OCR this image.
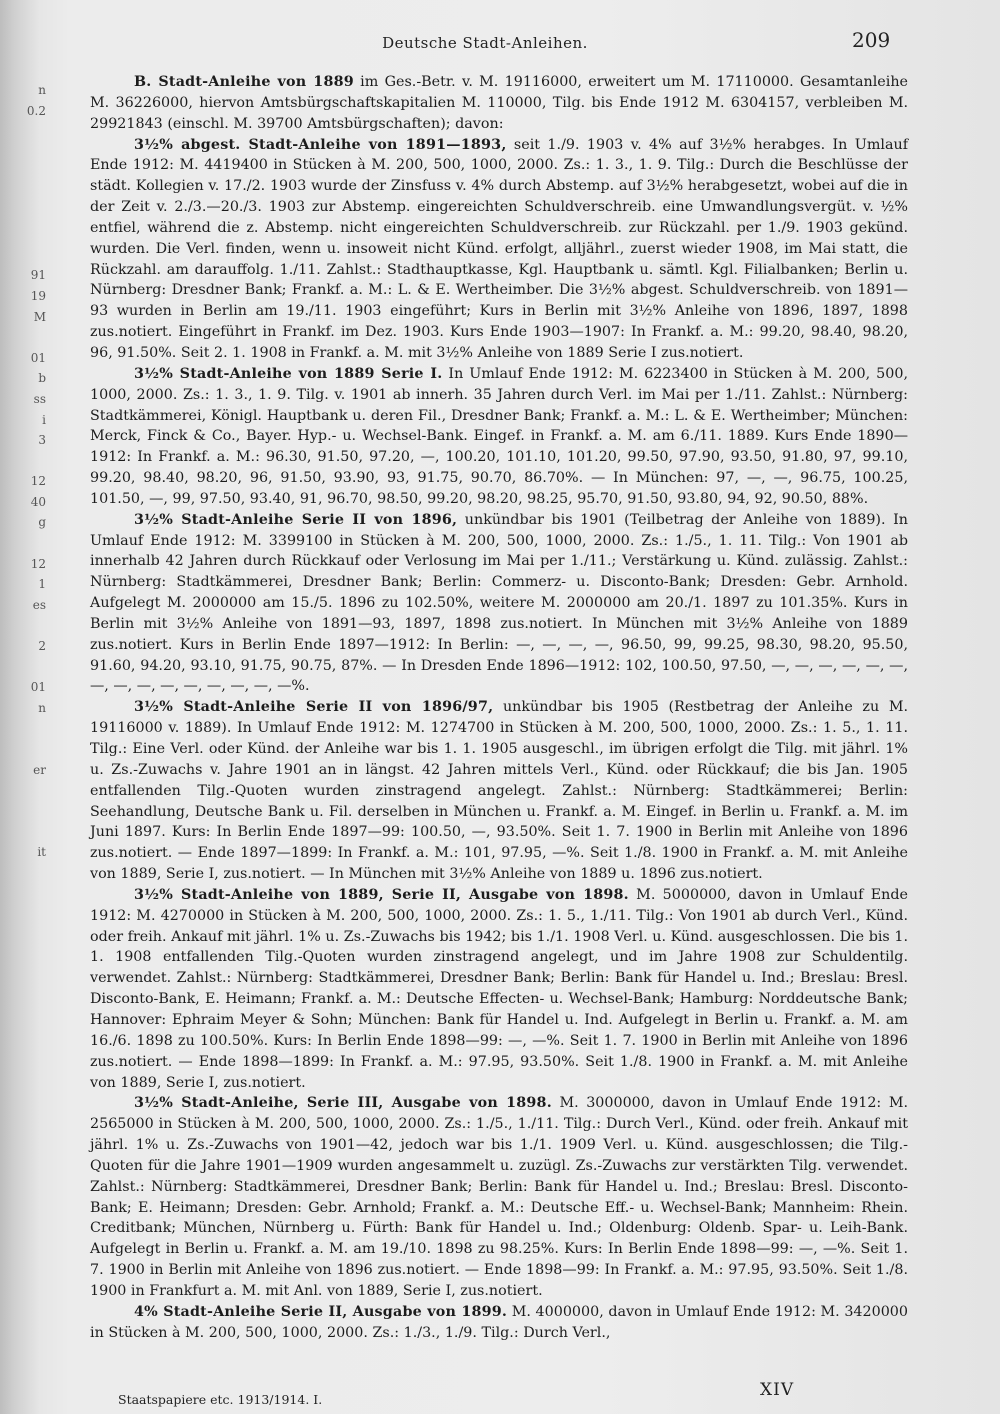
n
0.2
91
19
M
01
b
ss
i
3
12
40
g
12
1
es
2
01
n
er
it
Deutsche Stadt-Anleihen.	209

B. Stadt-Anleihe von 1889 im Ges.-Betr. v. M. 19116000, erweitert um M. 17110000. Gesamtanleihe M. 36226000, hiervon Amtsbürgschaftskapitalien M. 110000, Tilg. bis Ende 1912 M. 6304157, verbleiben M. 29921843 (einschl. M. 39700 Amtsbürgschaften); davon:

3½% abgest. Stadt-Anleihe von 1891—1893, seit 1./9. 1903 v. 4% auf 3½% herabges. In Umlauf Ende 1912: M. 4419400 in Stücken à M. 200, 500, 1000, 2000. Zs.: 1. 3., 1. 9. Tilg.: Durch die Beschlüsse der städt. Kollegien v. 17./2. 1903 wurde der Zinsfuss v. 4% durch Abstemp. auf 3½% herabgesetzt, wobei auf die in der Zeit v. 2./3.—20./3. 1903 zur Abstemp. eingereichten Schuldverschreib. eine Umwandlungsvergüt. v. ½% entfiel, während die z. Abstemp. nicht eingereichten Schuldverschreib. zur Rückzahl. per 1./9. 1903 gekünd. wurden. Die Verl. finden, wenn u. insoweit nicht Künd. erfolgt, alljährl., zuerst wieder 1908, im Mai statt, die Rückzahl. am darauffolg. 1./11. Zahlst.: Stadthauptkasse, Kgl. Hauptbank u. sämtl. Kgl. Filialbanken; Berlin u. Nürnberg: Dresdner Bank; Frankf. a. M.: L. & E. Wertheimber. Die 3½% abgest. Schuldverschreib. von 1891—93 wurden in Berlin am 19./11. 1903 eingeführt; Kurs in Berlin mit 3½% Anleihe von 1896, 1897, 1898 zus.notiert. Eingeführt in Frankf. im Dez. 1903. Kurs Ende 1903—1907: In Frankf. a. M.: 99.20, 98.40, 98.20, 96, 91.50%. Seit 2. 1. 1908 in Frankf. a. M. mit 3½% Anleihe von 1889 Serie I zus.notiert.

3½% Stadt-Anleihe von 1889 Serie I. In Umlauf Ende 1912: M. 6223400 in Stücken à M. 200, 500, 1000, 2000. Zs.: 1. 3., 1. 9. Tilg. v. 1901 ab innerh. 35 Jahren durch Verl. im Mai per 1./11. Zahlst.: Nürnberg: Stadtkämmerei, Königl. Hauptbank u. deren Fil., Dresdner Bank; Frankf. a. M.: L. & E. Wertheimber; München: Merck, Finck & Co., Bayer. Hyp.- u. Wechsel-Bank. Eingef. in Frankf. a. M. am 6./11. 1889. Kurs Ende 1890—1912: In Frankf. a. M.: 96.30, 91.50, 97.20, —, 100.20, 101.10, 101.20, 99.50, 97.90, 93.50, 91.80, 97, 99.10, 99.20, 98.40, 98.20, 96, 91.50, 93.90, 93, 91.75, 90.70, 86.70%. — In München: 97, —, —, 96.75, 100.25, 101.50, —, 99, 97.50, 93.40, 91, 96.70, 98.50, 99.20, 98.20, 98.25, 95.70, 91.50, 93.80, 94, 92, 90.50, 88%.

3½% Stadt-Anleihe Serie II von 1896, unkündbar bis 1901 (Teilbetrag der Anleihe von 1889). In Umlauf Ende 1912: M. 3399100 in Stücken à M. 200, 500, 1000, 2000. Zs.: 1./5., 1. 11. Tilg.: Von 1901 ab innerhalb 42 Jahren durch Rückkauf oder Verlosung im Mai per 1./11.; Verstärkung u. Künd. zulässig. Zahlst.: Nürnberg: Stadtkämmerei, Dresdner Bank; Berlin: Commerz- u. Disconto-Bank; Dresden: Gebr. Arnhold. Aufgelegt M. 2000000 am 15./5. 1896 zu 102.50%, weitere M. 2000000 am 20./1. 1897 zu 101.35%. Kurs in Berlin mit 3½% Anleihe von 1891—93, 1897, 1898 zus.notiert. In München mit 3½% Anleihe von 1889 zus.notiert. Kurs in Berlin Ende 1897—1912: In Berlin: —, —, —, —, 96.50, 99, 99.25, 98.30, 98.20, 95.50, 91.60, 94.20, 93.10, 91.75, 90.75, 87%. — In Dresden Ende 1896—1912: 102, 100.50, 97.50, —, —, —, —, —, —, —, —, —, —, —, —, —, —, —%.

3½% Stadt-Anleihe Serie II von 1896/97, unkündbar bis 1905 (Restbetrag der Anleihe zu M. 19116000 v. 1889). In Umlauf Ende 1912: M. 1274700 in Stücken à M. 200, 500, 1000, 2000. Zs.: 1. 5., 1. 11. Tilg.: Eine Verl. oder Künd. der Anleihe war bis 1. 1. 1905 ausgeschl., im übrigen erfolgt die Tilg. mit jährl. 1% u. Zs.-Zuwachs v. Jahre 1901 an in längst. 42 Jahren mittels Verl., Künd. oder Rückkauf; die bis Jan. 1905 entfallenden Tilg.-Quoten wurden zinstragend angelegt. Zahlst.: Nürnberg: Stadtkämmerei; Berlin: Seehandlung, Deutsche Bank u. Fil. derselben in München u. Frankf. a. M. Eingef. in Berlin u. Frankf. a. M. im Juni 1897. Kurs: In Berlin Ende 1897—99: 100.50, —, 93.50%. Seit 1. 7. 1900 in Berlin mit Anleihe von 1896 zus.notiert. — Ende 1897—1899: In Frankf. a. M.: 101, 97.95, —%. Seit 1./8. 1900 in Frankf. a. M. mit Anleihe von 1889, Serie I, zus.notiert. — In München mit 3½% Anleihe von 1889 u. 1896 zus.notiert.

3½% Stadt-Anleihe von 1889, Serie II, Ausgabe von 1898. M. 5000000, davon in Umlauf Ende 1912: M. 4270000 in Stücken à M. 200, 500, 1000, 2000. Zs.: 1. 5., 1./11. Tilg.: Von 1901 ab durch Verl., Künd. oder freih. Ankauf mit jährl. 1% u. Zs.-Zuwachs bis 1942; bis 1./1. 1908 Verl. u. Künd. ausgeschlossen. Die bis 1. 1. 1908 entfallenden Tilg.-Quoten wurden zinstragend angelegt, und im Jahre 1908 zur Schuldentilg. verwendet. Zahlst.: Nürnberg: Stadtkämmerei, Dresdner Bank; Berlin: Bank für Handel u. Ind.; Breslau: Bresl. Disconto-Bank, E. Heimann; Frankf. a. M.: Deutsche Effecten- u. Wechsel-Bank; Hamburg: Norddeutsche Bank; Hannover: Ephraim Meyer & Sohn; München: Bank für Handel u. Ind. Aufgelegt in Berlin u. Frankf. a. M. am 16./6. 1898 zu 100.50%. Kurs: In Berlin Ende 1898—99: —, —%. Seit 1. 7. 1900 in Berlin mit Anleihe von 1896 zus.notiert. — Ende 1898—1899: In Frankf. a. M.: 97.95, 93.50%. Seit 1./8. 1900 in Frankf. a. M. mit Anleihe von 1889, Serie I, zus.notiert.

3½% Stadt-Anleihe, Serie III, Ausgabe von 1898. M. 3000000, davon in Umlauf Ende 1912: M. 2565000 in Stücken à M. 200, 500, 1000, 2000. Zs.: 1./5., 1./11. Tilg.: Durch Verl., Künd. oder freih. Ankauf mit jährl. 1% u. Zs.-Zuwachs von 1901—42, jedoch war bis 1./1. 1909 Verl. u. Künd. ausgeschlossen; die Tilg.-Quoten für die Jahre 1901—1909 wurden angesammelt u. zuzügl. Zs.-Zuwachs zur verstärkten Tilg. verwendet. Zahlst.: Nürnberg: Stadtkämmerei, Dresdner Bank; Berlin: Bank für Handel u. Ind.; Breslau: Bresl. Disconto-Bank; E. Heimann; Dresden: Gebr. Arnhold; Frankf. a. M.: Deutsche Eff.- u. Wechsel-Bank; Mannheim: Rhein. Creditbank; München, Nürnberg u. Fürth: Bank für Handel u. Ind.; Oldenburg: Oldenb. Spar- u. Leih-Bank. Aufgelegt in Berlin u. Frankf. a. M. am 19./10. 1898 zu 98.25%. Kurs: In Berlin Ende 1898—99: —, —%. Seit 1. 7. 1900 in Berlin mit Anleihe von 1896 zus.notiert. — Ende 1898—99: In Frankf. a. M.: 97.95, 93.50%. Seit 1./8. 1900 in Frankfurt a. M. mit Anl. von 1889, Serie I, zus.notiert.

4% Stadt-Anleihe Serie II, Ausgabe von 1899. M. 4000000, davon in Umlauf Ende 1912: M. 3420000 in Stücken à M. 200, 500, 1000, 2000. Zs.: 1./3., 1./9. Tilg.: Durch Verl.,

Staatspapiere etc. 1913/1914. I.	XIV
